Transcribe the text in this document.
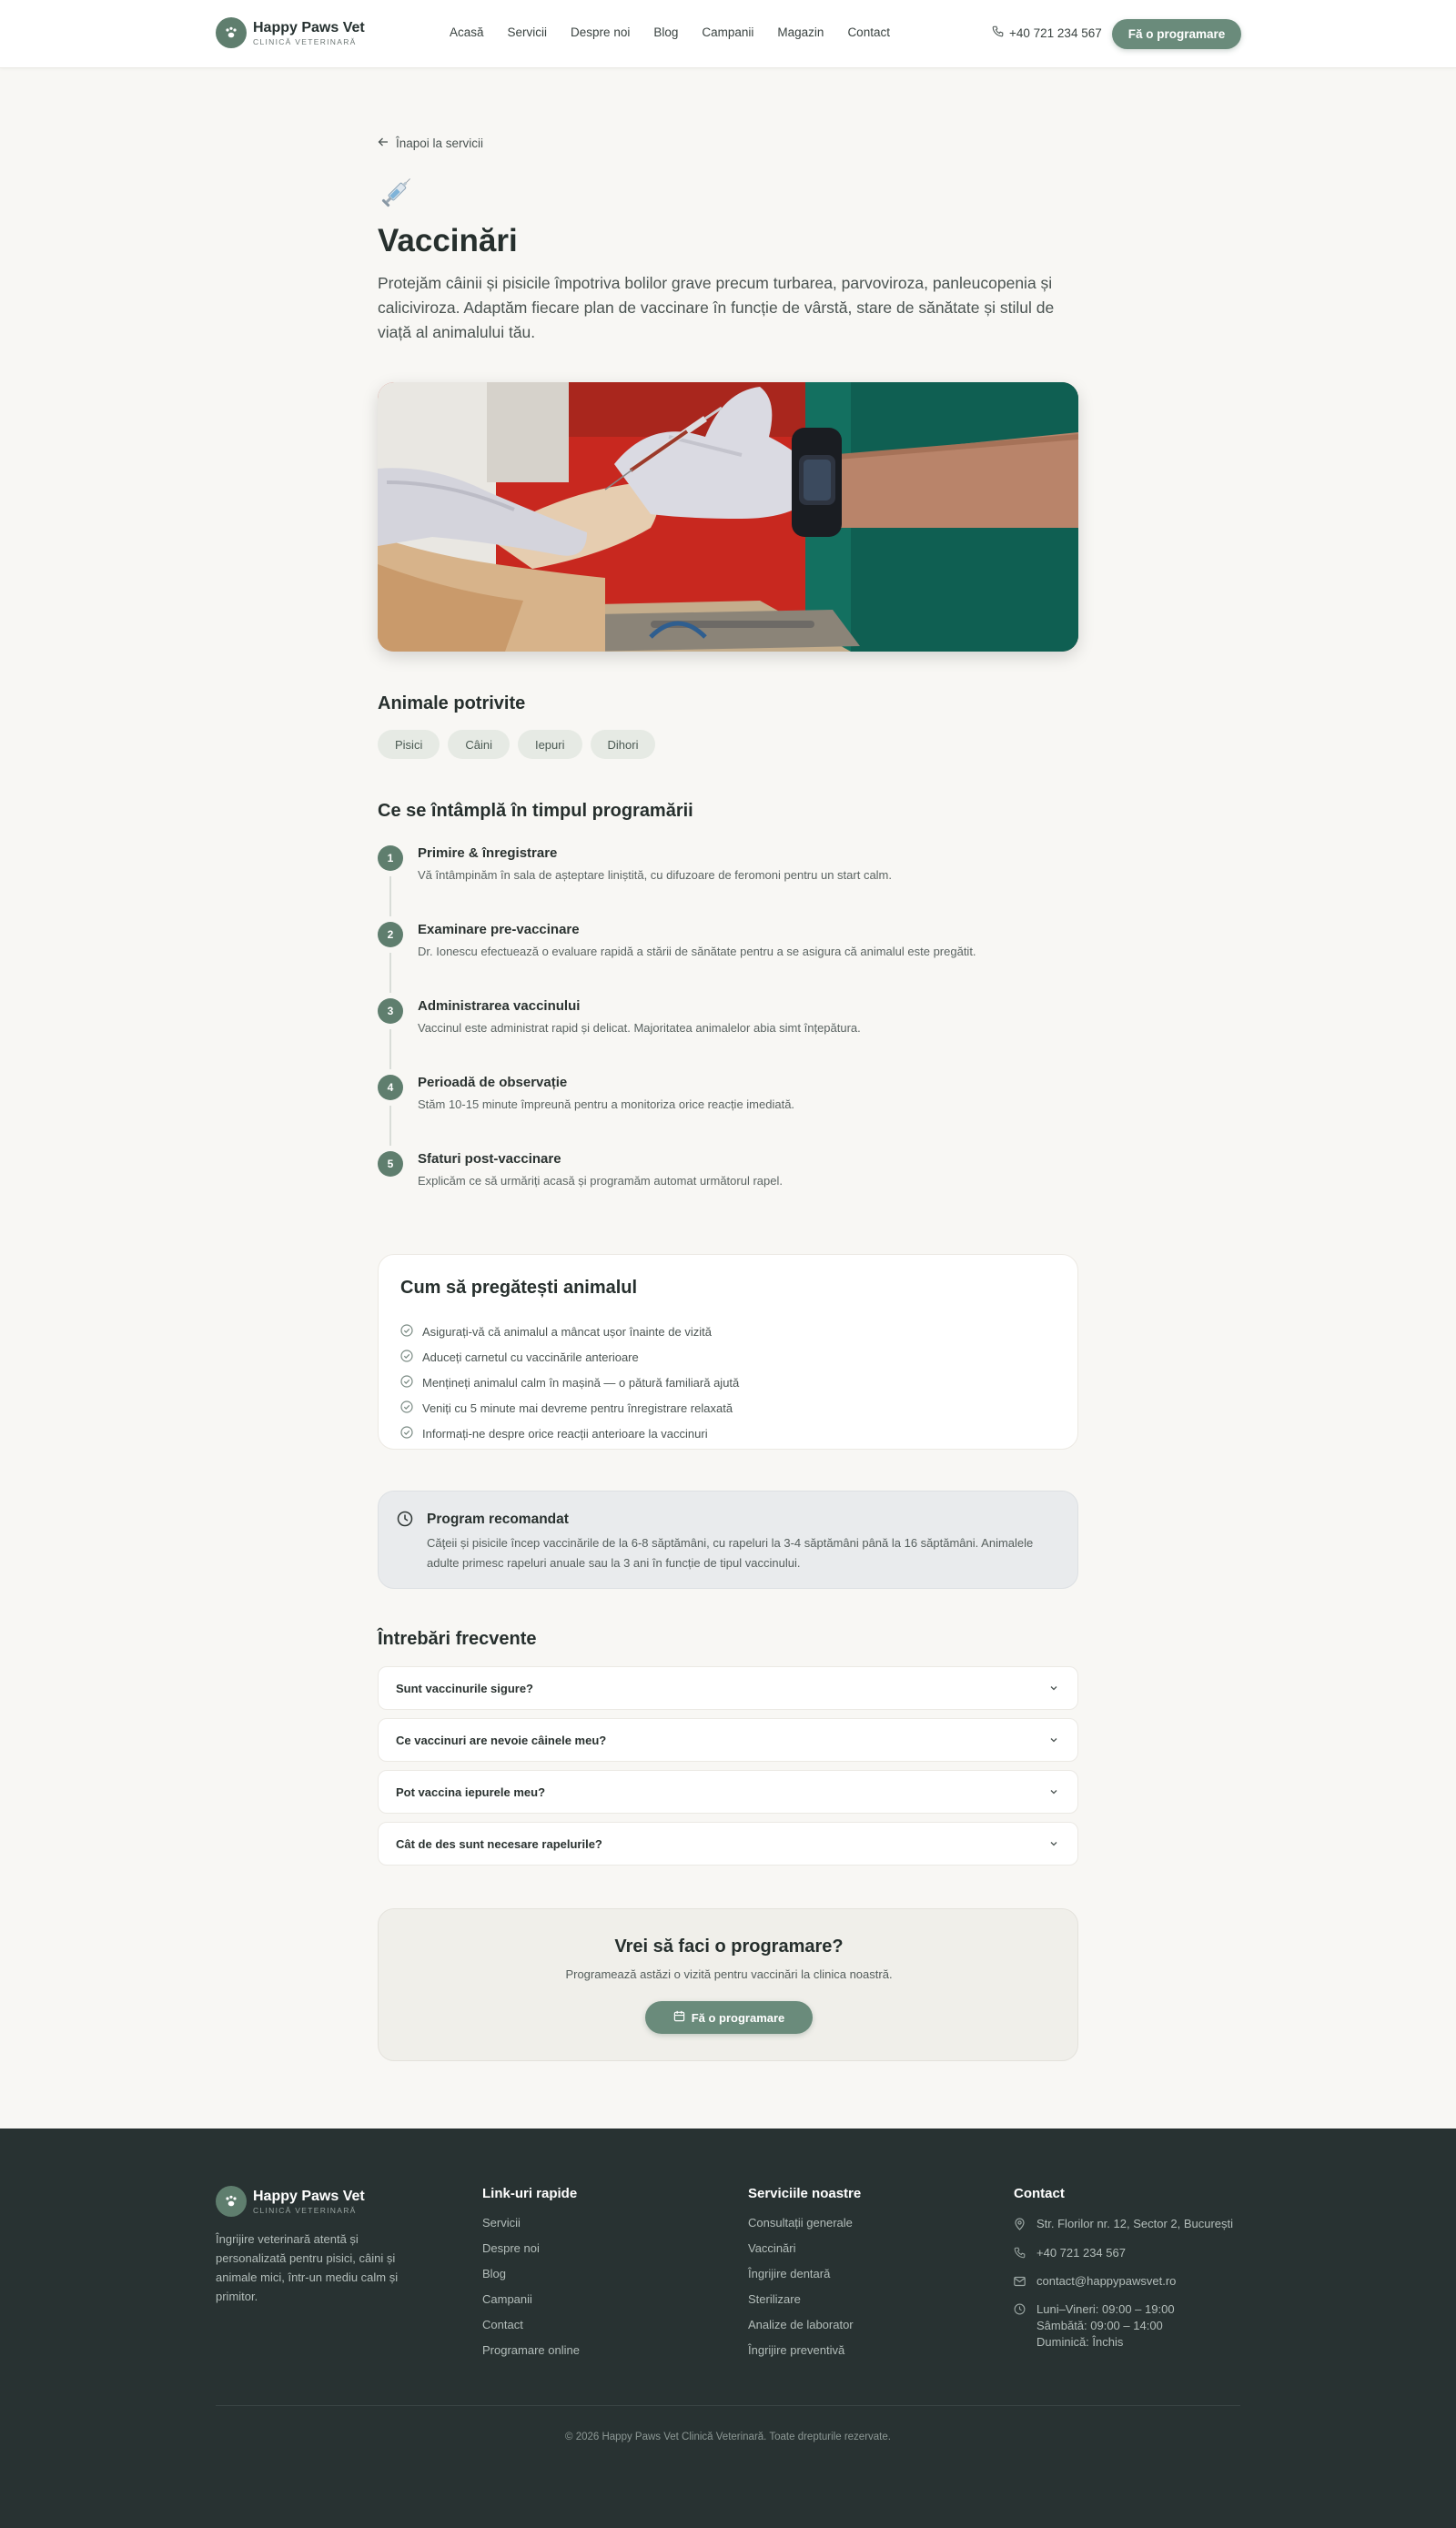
Happy Paws Vet
CLINICĂ VETERINARĂ
Acasă Servicii Despre noi Blog Campanii Magazin Contact	+40 721 234 567	Fă o programare
Înapoi la servicii
Vaccinări

Protejăm câinii și pisicile împotriva bolilor grave precum turbarea, parvoviroza, panleucopenia și caliciviroza. Adaptăm fiecare plan de vaccinare în funcție de vârstă, stare de sănătate și stilul de viață al animalului tău.

Animale potrivite
Pisici	Câini	Iepuri	Dihori
Ce se întâmplă în timpul programării
1	Primire & înregistrare
Vă întâmpinăm în sala de așteptare liniștită, cu difuzoare de feromoni pentru un start calm.
2	Examinare pre-vaccinare
Dr. Ionescu efectuează o evaluare rapidă a stării de sănătate pentru a se asigura că animalul este pregătit.
3	Administrarea vaccinului
Vaccinul este administrat rapid și delicat. Majoritatea animalelor abia simt înțepătura.
4	Perioadă de observație
Stăm 10-15 minute împreună pentru a monitoriza orice reacție imediată.
5	Sfaturi post-vaccinare
Explicăm ce să urmăriți acasă și programăm automat următorul rapel.
Cum să pregătești animalul
Asigurați-vă că animalul a mâncat ușor înainte de vizită
Aduceți carnetul cu vaccinările anterioare
Mențineți animalul calm în mașină — o pătură familiară ajută
Veniți cu 5 minute mai devreme pentru înregistrare relaxată
Informați-ne despre orice reacții anterioare la vaccinuri
Program recomandat
Căţeii și pisicile încep vaccinările de la 6-8 săptămâni, cu rapeluri la 3-4 săptămâni până la 16 săptămâni. Animalele adulte primesc rapeluri anuale sau la 3 ani în funcție de tipul vaccinului.
Întrebări frecvente
Sunt vaccinurile sigure?
Ce vaccinuri are nevoie câinele meu?
Pot vaccina iepurele meu?
Cât de des sunt necesare rapelurile?
Vrei să faci o programare?
Programează astăzi o vizită pentru vaccinări la clinica noastră.
Fă o programare
Happy Paws Vet
CLINICĂ VETERINARĂ

Îngrijire veterinară atentă și personalizată pentru pisici, câini și animale mici, într-un mediu calm și primitor.

Link-uri rapide
Servicii
Despre noi
Blog
Campanii
Contact
Programare online
Serviciile noastre
Consultații generale
Vaccinări
Îngrijire dentară
Sterilizare
Analize de laborator
Îngrijire preventivă
Contact
Str. Florilor nr. 12, Sector 2, București
+40 721 234 567
contact@happypawsvet.ro
Luni–Vineri: 09:00 – 19:00
Sâmbătă: 09:00 – 14:00
Duminică: Închis
© 2026 Happy Paws Vet Clinică Veterinară. Toate drepturile rezervate.
